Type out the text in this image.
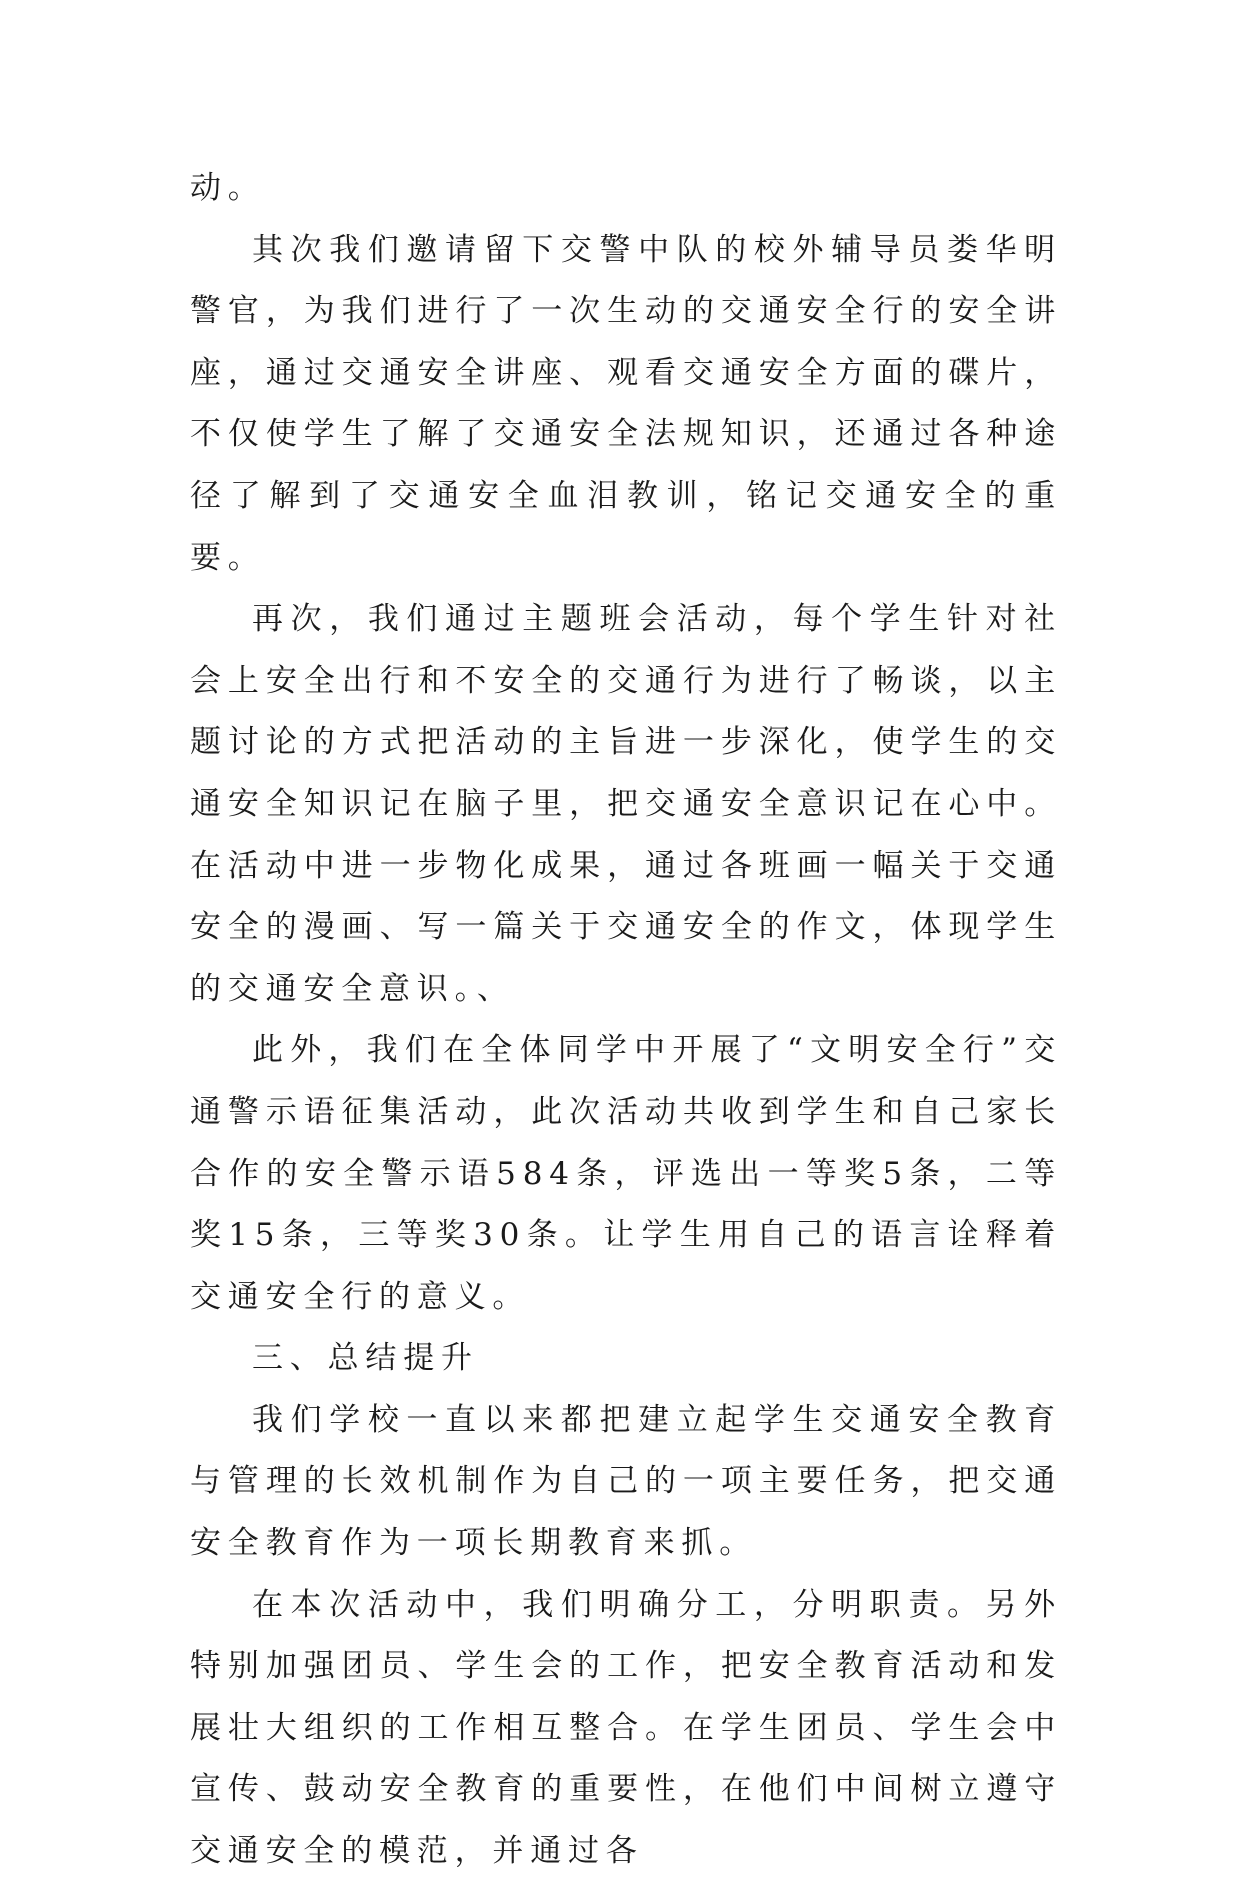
动。

其次我们邀请留下交警中队的校外辅导员娄华明警官，为我们进行了一次生动的交通安全行的安全讲座，通过交通安全讲座、观看交通安全方面的碟片，不仅使学生了解了交通安全法规知识，还通过各种途径了解到了交通安全血泪教训，铭记交通安全的重要。

再次，我们通过主题班会活动，每个学生针对社会上安全出行和不安全的交通行为进行了畅谈，以主题讨论的方式把活动的主旨进一步深化，使学生的交通安全知识记在脑子里，把交通安全意识记在心中。在活动中进一步物化成果，通过各班画一幅关于交通安全的漫画、写一篇关于交通安全的作文，体现学生的交通安全意识。、

此外，我们在全体同学中开展了“文明安全行”交通警示语征集活动，此次活动共收到学生和自己家长合作的安全警示语584条，评选出一等奖5条，二等奖15条，三等奖30条。让学生用自己的语言诠释着交通安全行的意义。

三、总结提升

我们学校一直以来都把建立起学生交通安全教育与管理的长效机制作为自己的一项主要任务，把交通安全教育作为一项长期教育来抓。

在本次活动中，我们明确分工，分明职责。另外特别加强团员、学生会的工作，把安全教育活动和发展壮大组织的工作相互整合。在学生团员、学生会中宣传、鼓动安全教育的重要性，在他们中间树立遵守交通安全的模范，并通过各
